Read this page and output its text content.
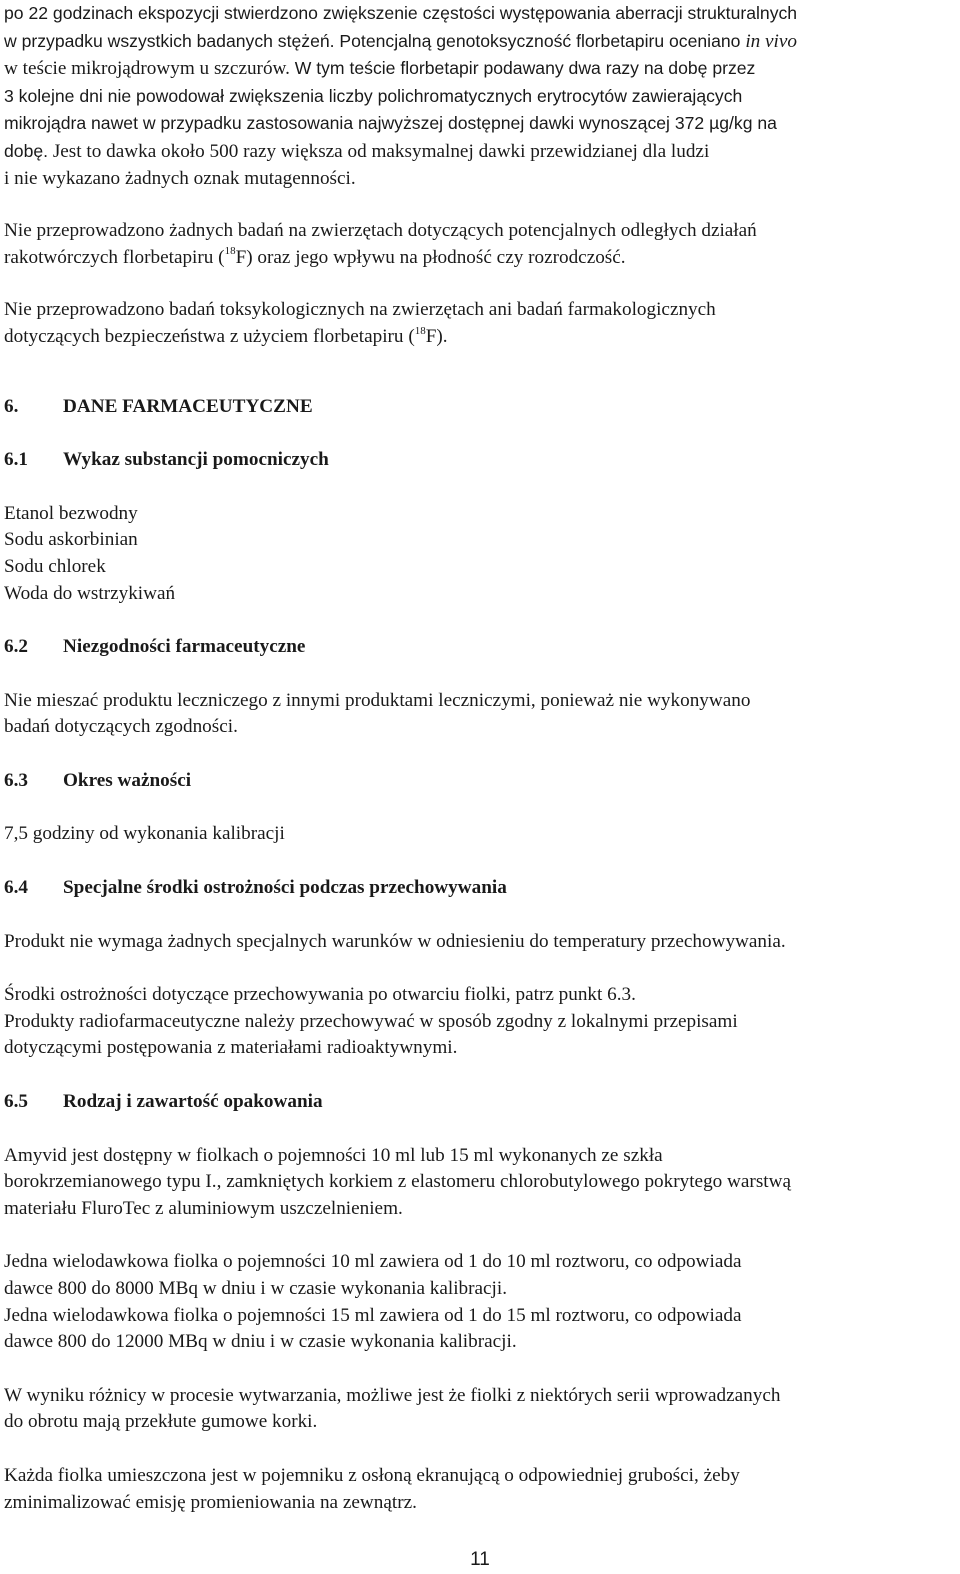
po 22 godzinach ekspozycji stwierdzono zwiększenie częstości występowania aberracji strukturalnych

w przypadku wszystkich badanych stężeń. Potencjalną genotoksyczność florbetapiru oceniano in vivo

w teście mikrojądrowym u szczurów. W tym teście florbetapir podawany dwa razy na dobę przez

3 kolejne dni nie powodował zwiększenia liczby polichromatycznych erytrocytów zawierających

mikrojądra nawet w przypadku zastosowania najwyższej dostępnej dawki wynoszącej 372 µg/kg na

dobę. Jest to dawka około 500 razy większa od maksymalnej dawki przewidzianej dla ludzi

i nie wykazano żadnych oznak mutagenności.

Nie przeprowadzono żadnych badań na zwierzętach dotyczących potencjalnych odległych działań

rakotwórczych florbetapiru ($^{18}$F) oraz jego wpływu na płodność czy rozrodczość.

Nie przeprowadzono badań toksykologicznych na zwierzętach ani badań farmakologicznych

dotyczących bezpieczeństwa z użyciem florbetapiru ($^{18}$F).

6.	DANE FARMACEUTYCZNE
6.1	Wykaz substancji pomocniczych

Etanol bezwodny

Sodu askorbinian

Sodu chlorek

Woda do wstrzykiwań

6.2	Niezgodności farmaceutyczne

Nie mieszać produktu leczniczego z innymi produktami leczniczymi, ponieważ nie wykonywano

badań dotyczących zgodności.

6.3	Okres ważności

7,5 godziny od wykonania kalibracji

6.4	Specjalne środki ostrożności podczas przechowywania

Produkt nie wymaga żadnych specjalnych warunków w odniesieniu do temperatury przechowywania.

Środki ostrożności dotyczące przechowywania po otwarciu fiolki, patrz punkt 6.3.

Produkty radiofarmaceutyczne należy przechowywać w sposób zgodny z lokalnymi przepisami

dotyczącymi postępowania z materiałami radioaktywnymi.

6.5	Rodzaj i zawartość opakowania

Amyvid jest dostępny w fiolkach o pojemności 10 ml lub 15 ml wykonanych ze szkła

borokrzemianowego typu I., zamkniętych korkiem z elastomeru chlorobutylowego pokrytego warstwą

materiału FluroTec z aluminiowym uszczelnieniem.

Jedna wielodawkowa fiolka o pojemności 10 ml zawiera od 1 do 10 ml roztworu, co odpowiada

dawce 800 do 8000 MBq w dniu i w czasie wykonania kalibracji.

Jedna wielodawkowa fiolka o pojemności 15 ml zawiera od 1 do 15 ml roztworu, co odpowiada

dawce 800 do 12000 MBq w dniu i w czasie wykonania kalibracji.

W wyniku różnicy w procesie wytwarzania, możliwe jest że fiolki z niektórych serii wprowadzanych

do obrotu mają przekłute gumowe korki.

Każda fiolka umieszczona jest w pojemniku z osłoną ekranującą o odpowiedniej grubości, żeby

zminimalizować emisję promieniowania na zewnątrz.

11
